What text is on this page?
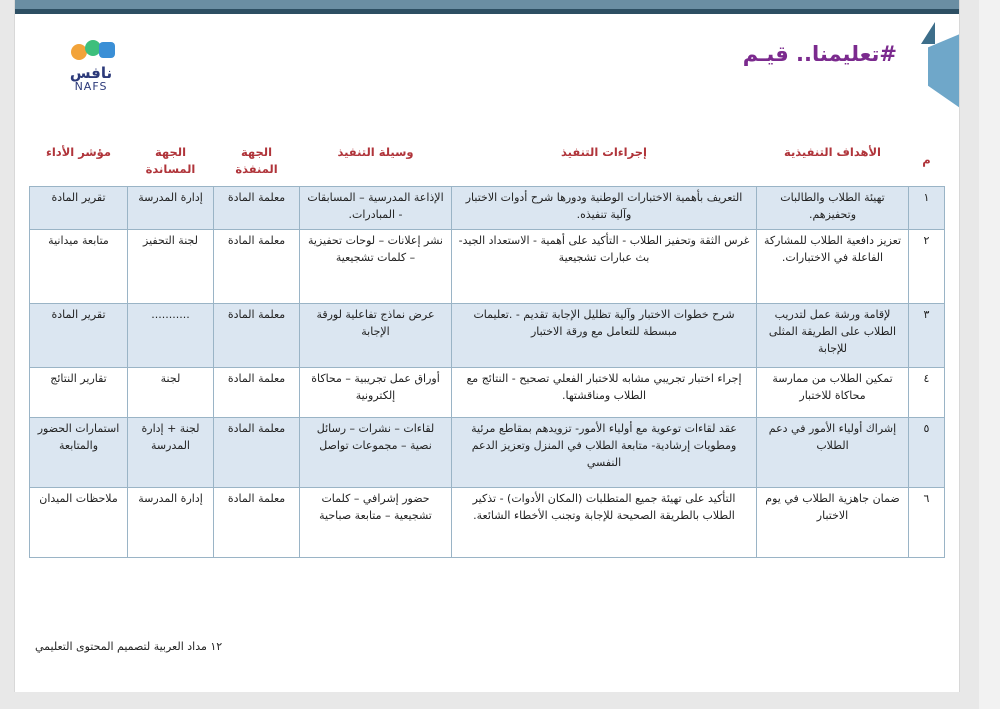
#تعليمنا.. قيـم
نافس
NAFS
م	الأهداف التنفيذية	إجراءات التنفيذ	وسيلة التنفيذ	الجهة المنفذة	الجهة المساندة	مؤشر الأداء
١	تهيئة الطلاب والطالبات وتحفيزهم.	التعريف بأهمية الاختبارات الوطنية ودورها شرح أدوات الاختبار وآلية تنفيذه.	الإذاعة المدرسية – المسابقات - المبادرات.	معلمة المادة	إدارة المدرسة	تقرير المادة
٢	تعزيز دافعية الطلاب للمشاركة الفاعلة في الاختبارات.	غرس الثقة وتحفيز الطلاب - التأكيد على أهمية - الاستعداد الجيد- بث عبارات تشجيعية	نشر إعلانات – لوحات تحفيزية – كلمات تشجيعية	معلمة المادة	لجنة التحفيز	متابعة ميدانية
٣	لإقامة ورشة عمل لتدريب الطلاب على الطريقة المثلى للإجابة	شرح خطوات الاختبار وآلية تظليل الإجابة تقديم - .تعليمات مبسطة للتعامل مع ورقة الاختبار	عرض نماذج تفاعلية لورقة الإجابة	معلمة المادة	...........	تقرير المادة
٤	تمكين الطلاب من ممارسة محاكاة للاختبار	إجراء اختبار تجريبي مشابه للاختبار الفعلي تصحيح - النتائج مع الطلاب ومناقشتها.	أوراق عمل تجريبية – محاكاة إلكترونية	معلمة المادة	لجنة	تقارير النتائج
٥	إشراك أولياء الأمور في دعم الطلاب	عقد لقاءات توعوية مع أولياء الأمور- تزويدهم بمقاطع مرئية ومطويات إرشادية- متابعة الطلاب في المنزل وتعزيز الدعم النفسي	لقاءات – نشرات – رسائل نصية – مجموعات تواصل	معلمة المادة	لجنة + إدارة المدرسة	استمارات الحضور والمتابعة
٦	ضمان جاهزية الطلاب في يوم الاختبار	التأكيد على تهيئة جميع المتطلبات (المكان الأدوات) - تذكير الطلاب بالطريقة الصحيحة للإجابة وتجنب الأخطاء الشائعة.	حضور إشرافي – كلمات تشجيعية – متابعة صباحية	معلمة المادة	إدارة المدرسة	ملاحظات الميدان
١٢ مداد العربية لتصميم المحتوى التعليمي
